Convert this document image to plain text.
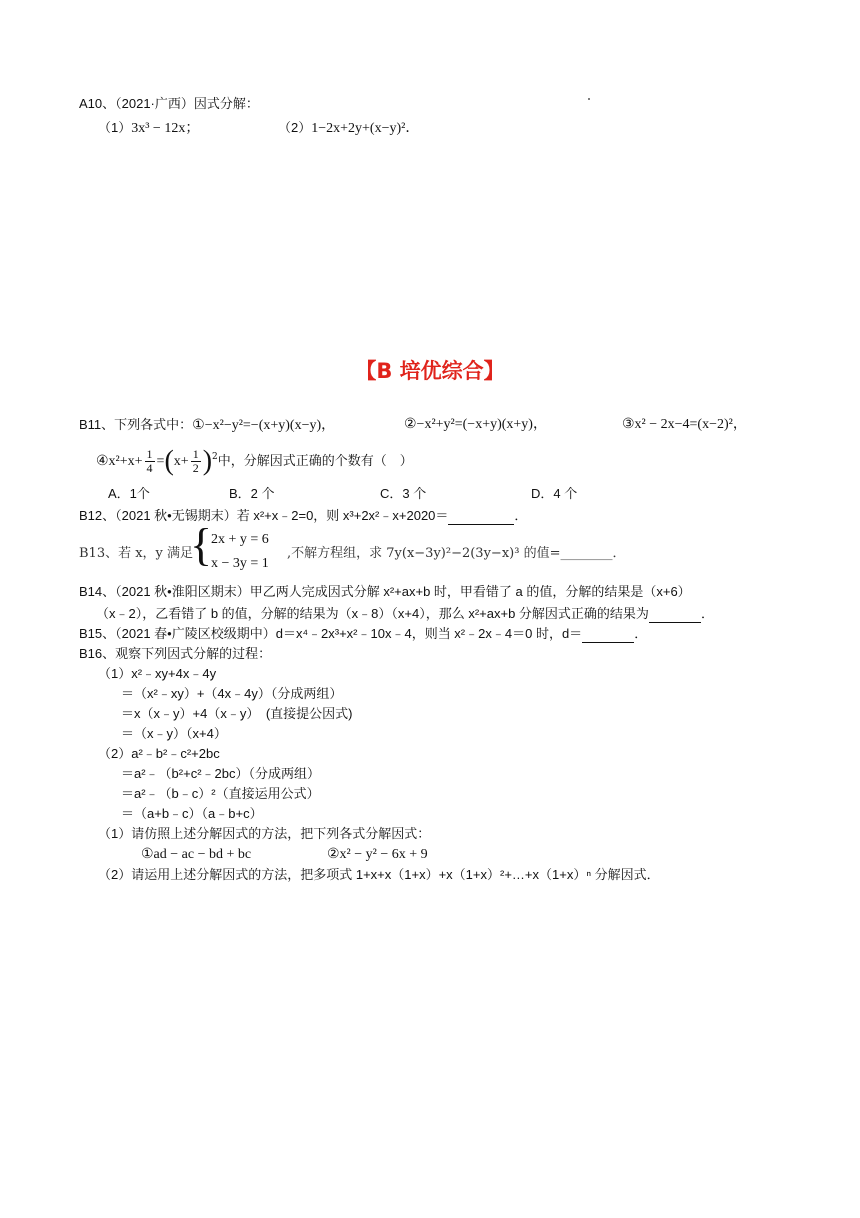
A10、（2021·广西）因式分解：
（1）3x³ − 12x；	（2）1−2x+2y+(x−y)²．
【B 培优综合】
B11、下列各式中：①−x²−y²=−(x+y)(x−y)，	②−x²+y²=(−x+y)(x+y)，	③x² − 2x−4=(x−2)²，
④x²+x+ $\frac{1}{4} =(x+ \frac{1}{2} )^2$中，分解因式正确的个数有（　）
A．1个	B．2 个	C．3 个	D．4 个
B12、（2021 秋•无锡期末）若 x²+x﹣2=0，则 x³+2x²﹣x+2020＝	．
B13、若 x，y 满足
{
2x + y = 6
x − 3y = 1
,不解方程组，求 7y(x−3y)²−2(3y−x)³ 的值=________．
B14、（2021 秋•淮阳区期末）甲乙两人完成因式分解 x²+ax+b 时，甲看错了 a 的值，分解的结果是（x+6）
（x﹣2），乙看错了 b 的值，分解的结果为（x﹣8）（x+4），那么 x²+ax+b 分解因式正确的结果为	．
B15、（2021 春•广陵区校级期中）d＝x⁴﹣2x³+x²﹣10x﹣4，则当 x²﹣2x﹣4＝0 时，d＝	．
B16、观察下列因式分解的过程：
（1）x²﹣xy+4x﹣4y
＝（x²﹣xy）+（4x﹣4y）（分成两组）
＝x（x﹣y）+4（x﹣y）　(直接提公因式)
＝（x﹣y）（x+4）
（2）a²﹣b²﹣c²+2bc
＝a²﹣（b²+c²﹣2bc）（分成两组）
＝a²﹣（b﹣c）²（直接运用公式）
＝（a+b﹣c）（a﹣b+c）
（1）请仿照上述分解因式的方法，把下列各式分解因式：
①ad − ac − bd + bc	②x² − y² − 6x + 9
（2）请运用上述分解因式的方法，把多项式 1+x+x（1+x）+x（1+x）²+…+x（1+x）ⁿ 分解因式．
